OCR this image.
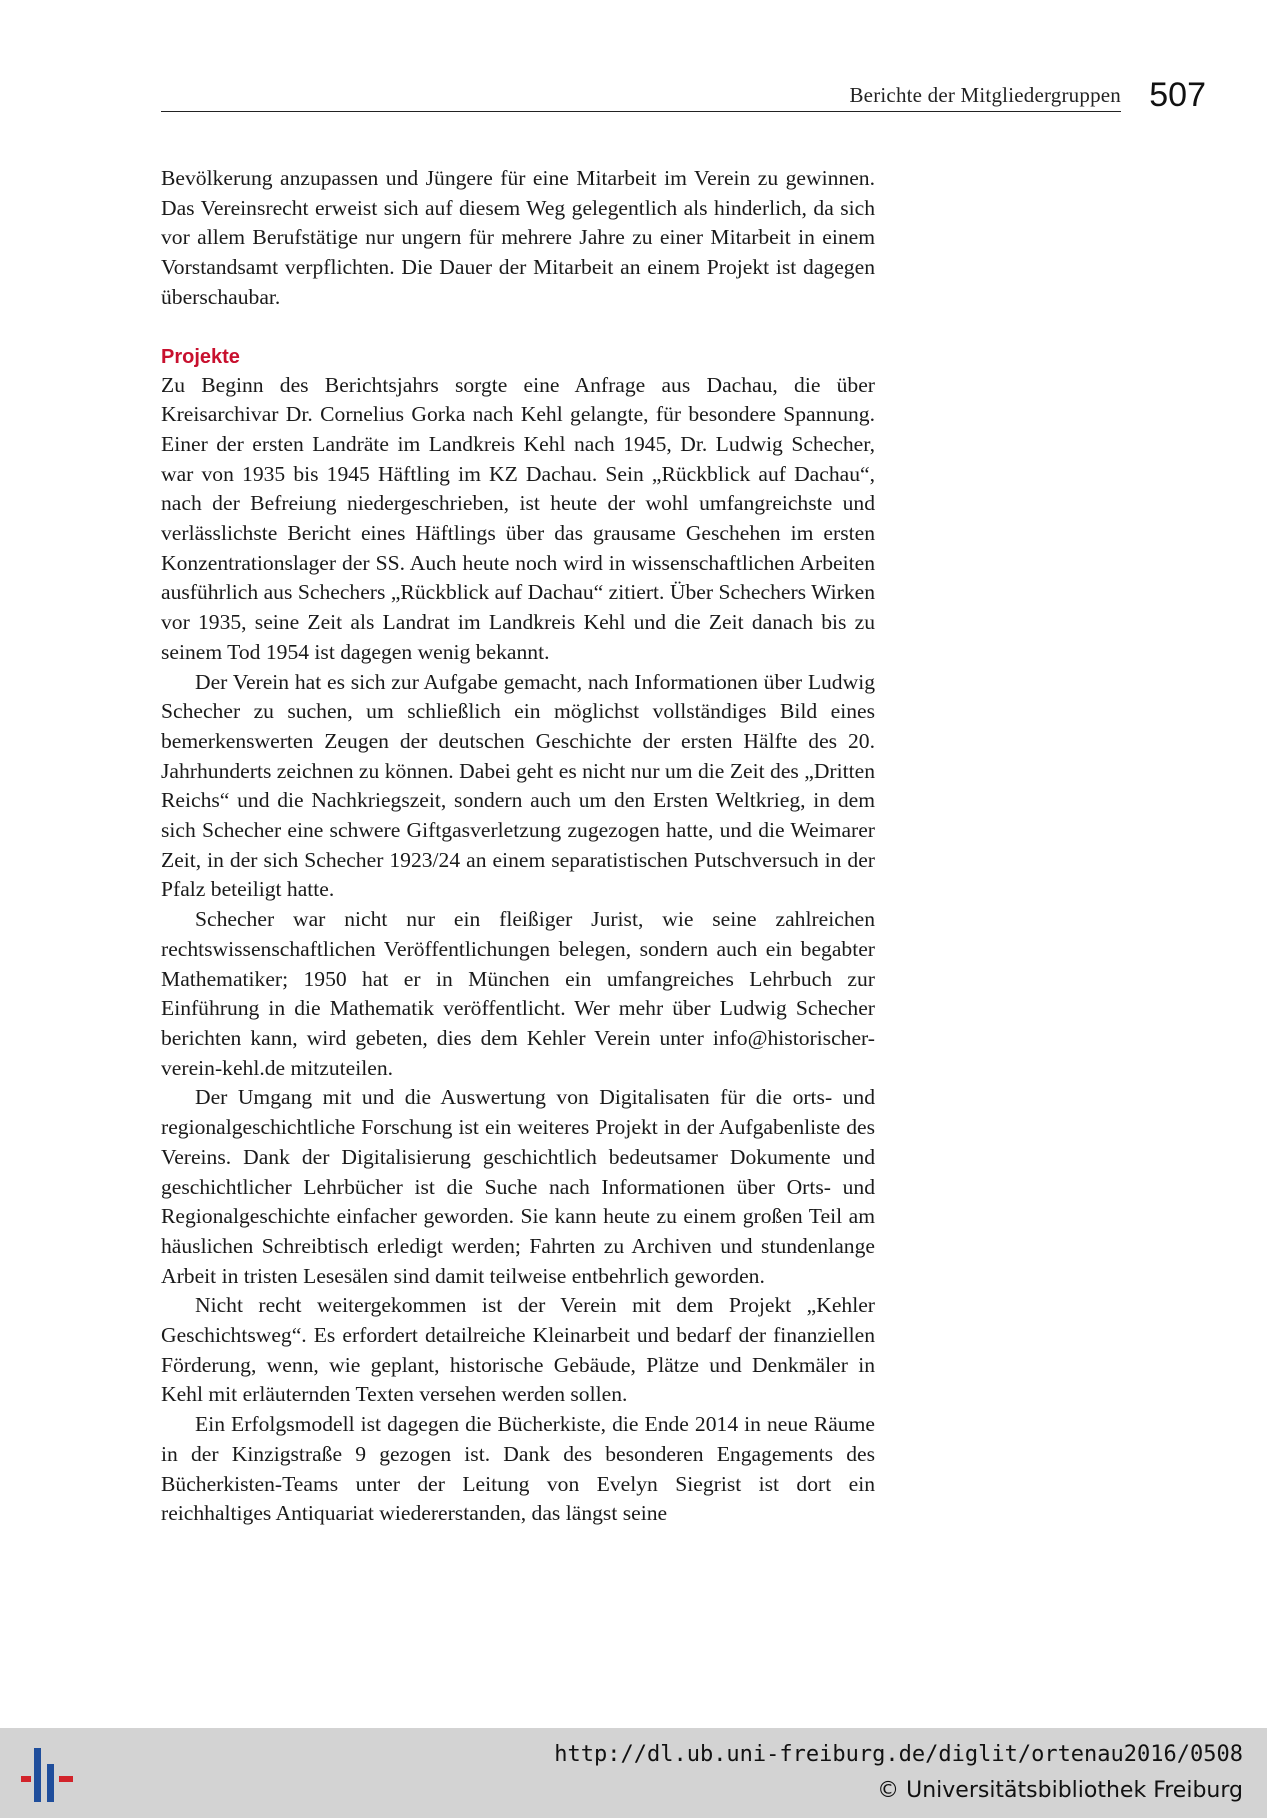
Berichte der Mitgliedergruppen 507

Bevölkerung anzupassen und Jüngere für eine Mitarbeit im Verein zu gewinnen. Das Vereinsrecht erweist sich auf diesem Weg gelegentlich als hinderlich, da sich vor allem Berufstätige nur ungern für mehrere Jahre zu einer Mitarbeit in einem Vorstandsamt verpflichten. Die Dauer der Mitarbeit an einem Projekt ist dagegen überschaubar.

Projekte

Zu Beginn des Berichtsjahrs sorgte eine Anfrage aus Dachau, die über Kreisarchivar Dr. Cornelius Gorka nach Kehl gelangte, für besondere Spannung. Einer der ersten Landräte im Landkreis Kehl nach 1945, Dr. Ludwig Schecher, war von 1935 bis 1945 Häftling im KZ Dachau. Sein „Rückblick auf Dachau“, nach der Befreiung niedergeschrieben, ist heute der wohl umfangreichste und verlässlichste Bericht eines Häftlings über das grausame Geschehen im ersten Konzentrationslager der SS. Auch heute noch wird in wissenschaftlichen Arbeiten ausführlich aus Schechers „Rückblick auf Dachau“ zitiert. Über Schechers Wirken vor 1935, seine Zeit als Landrat im Landkreis Kehl und die Zeit danach bis zu seinem Tod 1954 ist dagegen wenig bekannt.

Der Verein hat es sich zur Aufgabe gemacht, nach Informationen über Ludwig Schecher zu suchen, um schließlich ein möglichst vollständiges Bild eines bemerkenswerten Zeugen der deutschen Geschichte der ersten Hälfte des 20. Jahrhunderts zeichnen zu können. Dabei geht es nicht nur um die Zeit des „Dritten Reichs“ und die Nachkriegszeit, sondern auch um den Ersten Weltkrieg, in dem sich Schecher eine schwere Giftgasverletzung zugezogen hatte, und die Weimarer Zeit, in der sich Schecher 1923/24 an einem separatistischen Putschversuch in der Pfalz beteiligt hatte.

Schecher war nicht nur ein fleißiger Jurist, wie seine zahlreichen rechtswissenschaftlichen Veröffentlichungen belegen, sondern auch ein begabter Mathematiker; 1950 hat er in München ein umfangreiches Lehrbuch zur Einführung in die Mathematik veröffentlicht. Wer mehr über Ludwig Schecher berichten kann, wird gebeten, dies dem Kehler Verein unter info@historischer-verein-kehl.de mitzuteilen.

Der Umgang mit und die Auswertung von Digitalisaten für die orts- und regionalgeschichtliche Forschung ist ein weiteres Projekt in der Aufgabenliste des Vereins. Dank der Digitalisierung geschichtlich bedeutsamer Dokumente und geschichtlicher Lehrbücher ist die Suche nach Informationen über Orts- und Regionalgeschichte einfacher geworden. Sie kann heute zu einem großen Teil am häuslichen Schreibtisch erledigt werden; Fahrten zu Archiven und stundenlange Arbeit in tristen Lesesälen sind damit teilweise entbehrlich geworden.

Nicht recht weitergekommen ist der Verein mit dem Projekt „Kehler Geschichtsweg“. Es erfordert detailreiche Kleinarbeit und bedarf der finanziellen Förderung, wenn, wie geplant, historische Gebäude, Plätze und Denkmäler in Kehl mit erläuternden Texten versehen werden sollen.

Ein Erfolgsmodell ist dagegen die Bücherkiste, die Ende 2014 in neue Räume in der Kinzigstraße 9 gezogen ist. Dank des besonderen Engagements des Bücherkisten-Teams unter der Leitung von Evelyn Siegrist ist dort ein reichhaltiges Antiquariat wiedererstanden, das längst seine

http://dl.ub.uni-freiburg.de/diglit/ortenau2016/0508
© Universitätsbibliothek Freiburg
